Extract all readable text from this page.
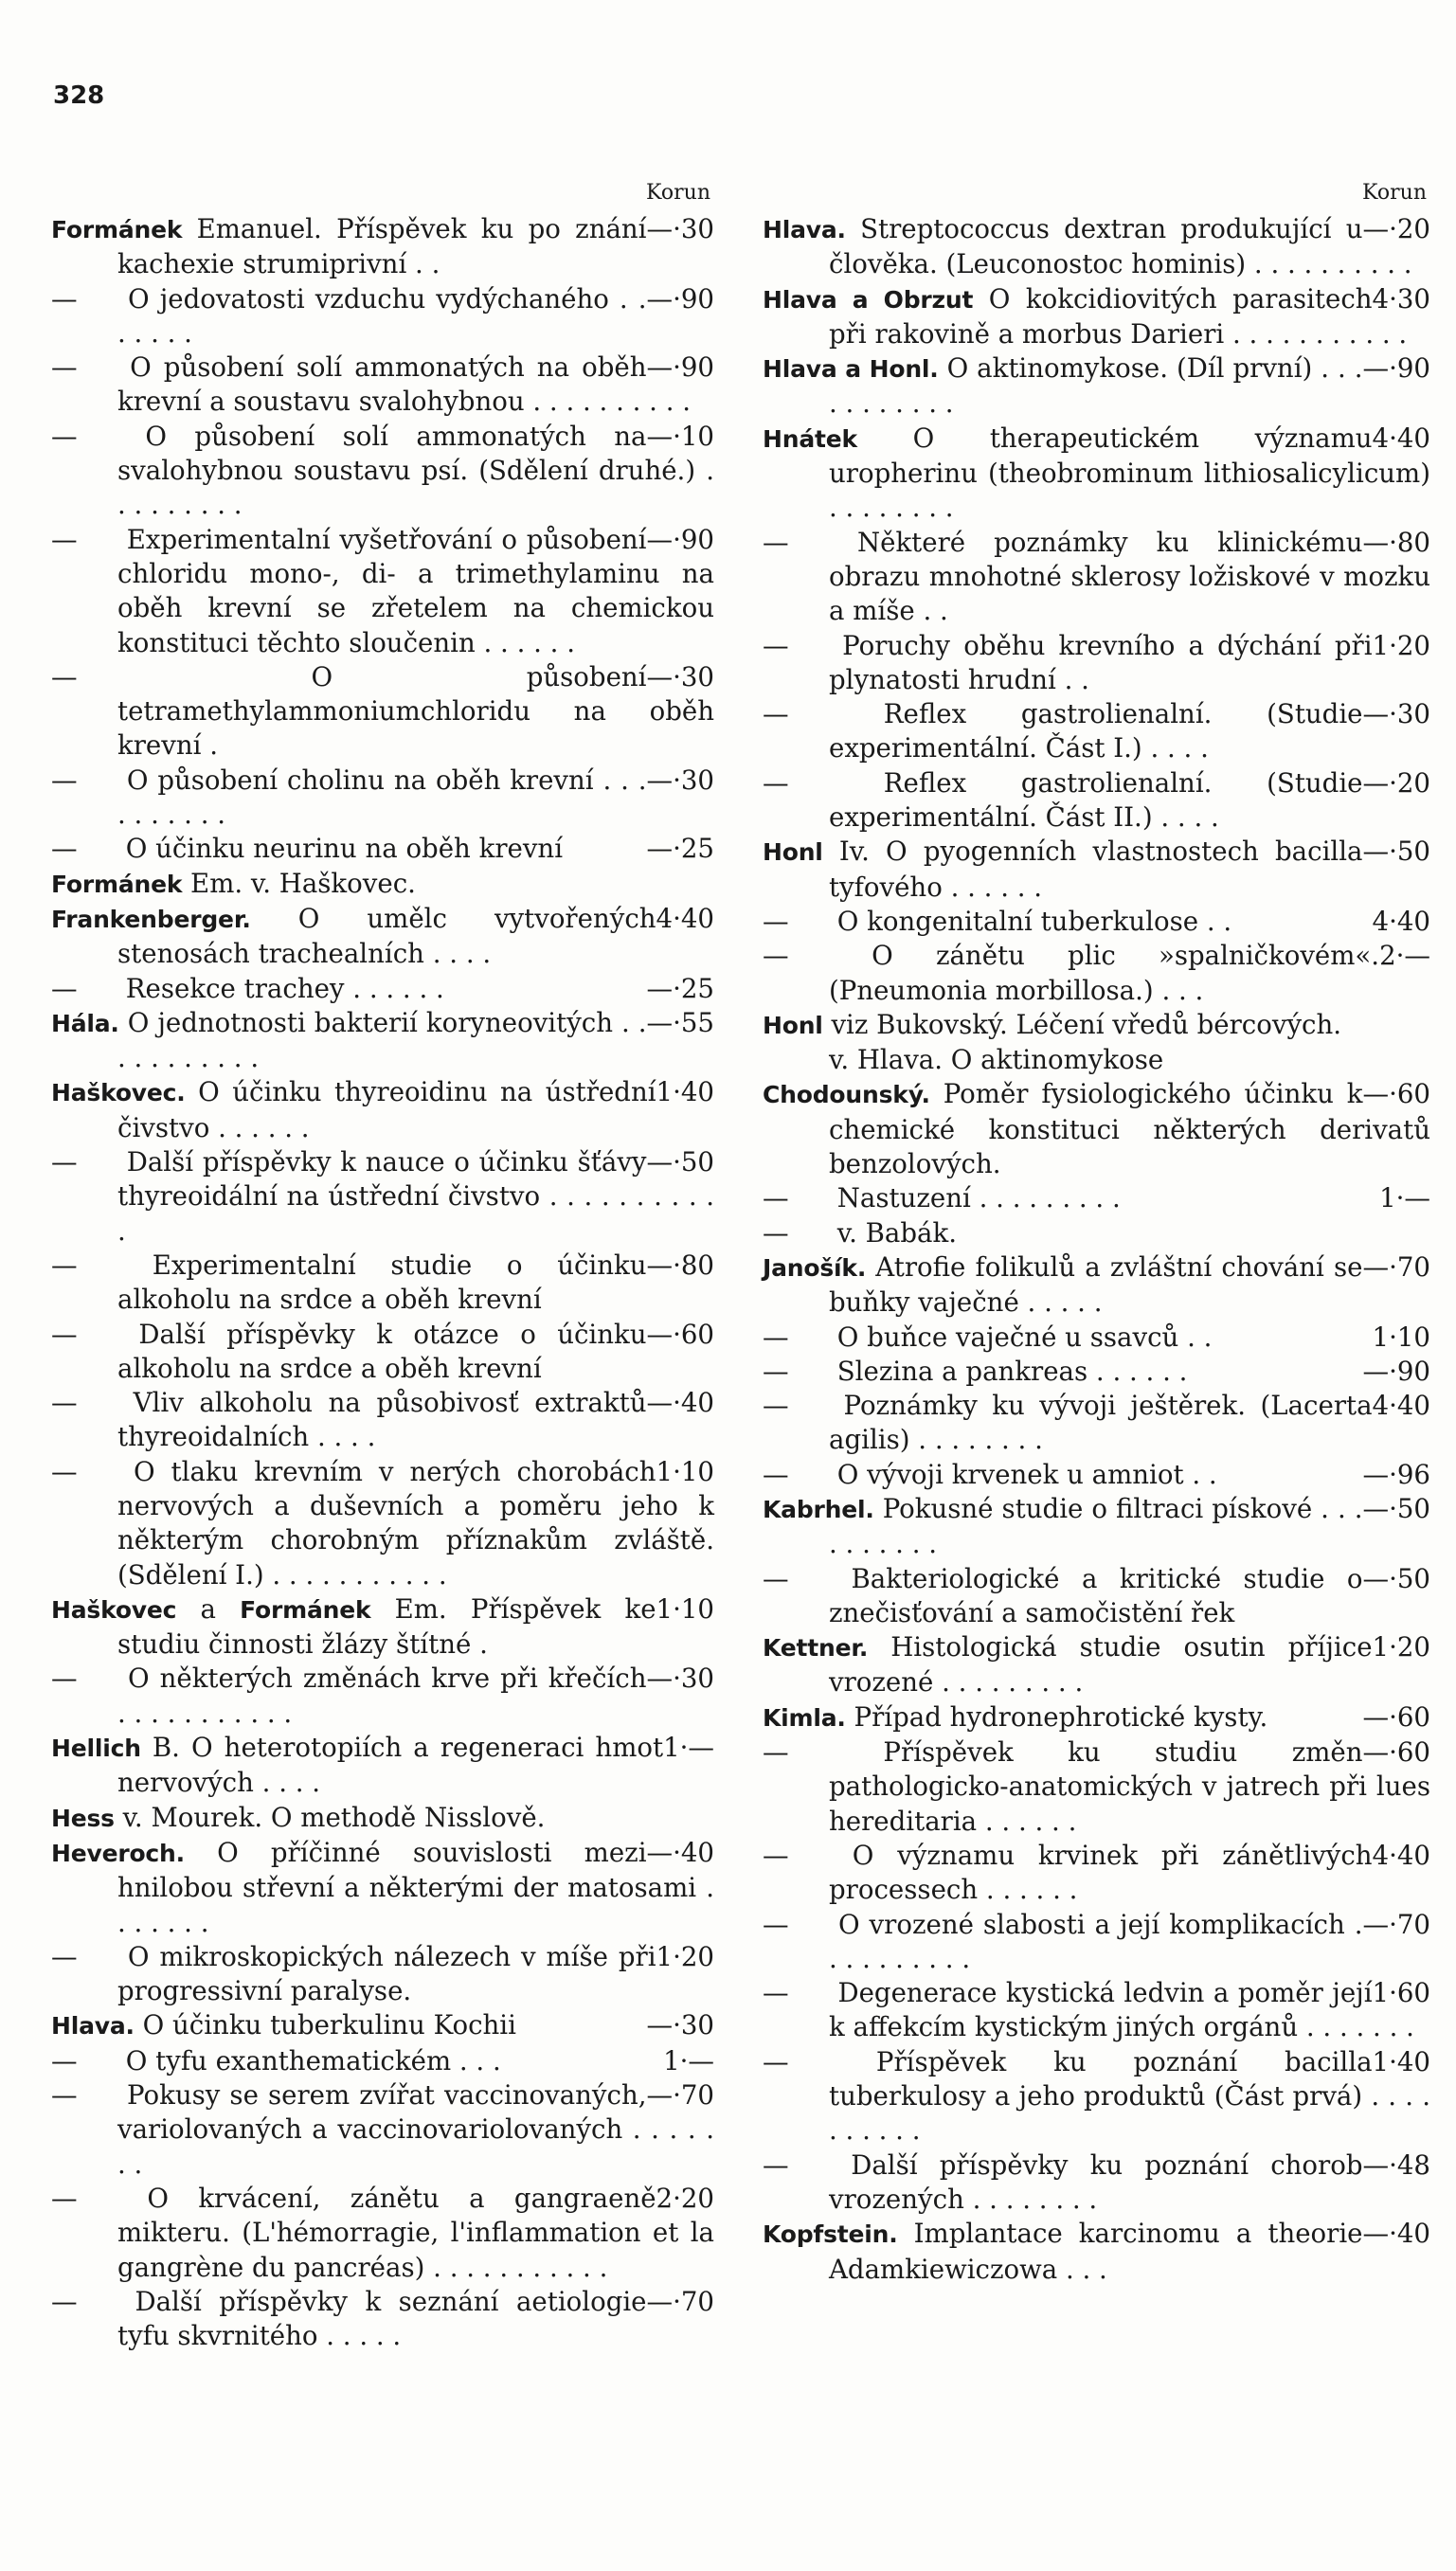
328
Korun
—·30
Formánek Emanuel. Příspěvek ku po znání kachexie strumiprivní . .
—·90
— O jedovatosti vzduchu vydýchaného . . . . . . .
—·90
— O působení solí ammonatých na oběh krevní a soustavu svalohybnou . . . . . . . . . .
—·10
— O působení solí ammonatých na svalohybnou soustavu psí. (Sdělení druhé.) . . . . . . . . .
—·90
— Experimentalní vyšetřování o působení chloridu mono-, di- a trimethylaminu na oběh krevní se zřetelem na chemickou konstituci těchto sloučenin . . . . . .
—·30
— O působení tetramethylammoniumchloridu na oběh krevní .
—·30
— O působení cholinu na oběh krevní . . . . . . . . . .
—·25
— O účinku neurinu na oběh krevní
Formánek Em. v. Haškovec.
4·40
Frankenberger. O umělc vytvořených stenosách trachealních . . . .
—·25
— Resekce trachey . . . . . .
—·55
Hála. O jednotnosti bakterií koryneovitých . . . . . . . . . . .
1·40
Haškovec. O účinku thyreoidinu na ústřední čivstvo . . . . . .
—·50
— Další příspěvky k nauce o účinku šťávy thyreoidální na ústřední čivstvo . . . . . . . . . . .
—·80
— Experimentalní studie o účinku alkoholu na srdce a oběh krevní
—·60
— Další příspěvky k otázce o účinku alkoholu na srdce a oběh krevní
—·40
— Vliv alkoholu na působivosť extraktů thyreoidalních . . . .
1·10
— O tlaku krevním v nerých chorobách nervových a duševních a poměru jeho k některým chorobným příznakům zvláště. (Sdělení I.) . . . . . . . . . . .
1·10
Haškovec a Formánek Em. Příspěvek ke studiu činnosti žlázy štítné .
—·30
— O některých změnách krve při křečích . . . . . . . . . . .
1·—
Hellich B. O heterotopiích a regeneraci hmot nervových . . . .
Hess v. Mourek. O methodě Nisslově.
—·40
Heveroch. O příčinné souvislosti mezi hnilobou střevní a některými der matosami . . . . . . .
1·20
— O mikroskopických nálezech v míše při progressivní paralyse.
—·30
Hlava. O účinku tuberkulinu Kochii
1·—
— O tyfu exanthematickém . . .
—·70
— Pokusy se serem zvířat vaccinovaných, variolovaných a vaccinovariolovaných . . . . . . .
2·20
— O krvácení, zánětu a gangraeně mikteru. (L'hémorragie, l'inflammation et la gangrène du pancréas) . . . . . . . . . . .
—·70
— Další příspěvky k seznání aetiologie tyfu skvrnitého . . . . .
Korun
—·20
Hlava. Streptococcus dextran produkující u člověka. (Leuconostoc hominis) . . . . . . . . . .
4·30
Hlava a Obrzut O kokcidiovitých parasitech při rakovině a morbus Darieri . . . . . . . . . . .
—·90
Hlava a Honl. O aktinomykose. (Díl první) . . . . . . . . . . .
4·40
Hnátek O therapeutickém významu uropherinu (theobrominum lithiosalicylicum) . . . . . . . .
—·80
— Některé poznámky ku klinickému obrazu mnohotné sklerosy ložiskové v mozku a míše . .
1·20
— Poruchy oběhu krevního a dýchání při plynatosti hrudní . .
—·30
— Reflex gastrolienalní. (Studie experimentální. Část I.) . . . .
—·20
— Reflex gastrolienalní. (Studie experimentální. Část II.) . . . .
—·50
Honl Iv. O pyogenních vlastnostech bacilla tyfového . . . . . .
4·40
— O kongenitalní tuberkulose . .
2·—
— O zánětu plic »spalničkovém«. (Pneumonia morbillosa.) . . .
Honl viz Bukovský. Léčení vředů bércových.
v. Hlava. O aktinomykose
—·60
Chodounský. Poměr fysiologického účinku k chemické konstituci některých derivatů benzolových.
1·—
— Nastuzení . . . . . . . . .
— v. Babák.
—·70
Janošík. Atrofie folikulů a zvláštní chování se buňky vaječné . . . . .
1·10
— O buňce vaječné u ssavců . .
—·90
— Slezina a pankreas . . . . . .
4·40
— Poznámky ku vývoji ještěrek. (Lacerta agilis) . . . . . . . .
—·96
— O vývoji krvenek u amniot . .
—·50
Kabrhel. Pokusné studie o filtraci pískové . . . . . . . . . .
—·50
— Bakteriologické a kritické studie o znečisťování a samočistění řek
1·20
Kettner. Histologická studie osutin příjice vrozené . . . . . . . . .
—·60
Kimla. Případ hydronephrotické kysty.
—·60
— Příspěvek ku studiu změn pathologicko-anatomických v jatrech při lues hereditaria . . . . . .
4·40
— O významu krvinek při zánětlivých processech . . . . . .
—·70
— O vrozené slabosti a její komplikacích . . . . . . . . . .
1·60
— Degenerace kystická ledvin a poměr její k affekcím kystickým jiných orgánů . . . . . . .
1·40
— Příspěvek ku poznání bacilla tuberkulosy a jeho produktů (Část prvá) . . . . . . . . . .
—·48
— Další příspěvky ku poznání chorob vrozených . . . . . . . .
—·40
Kopfstein. Implantace karcinomu a theorie Adamkiewiczowa . . .
